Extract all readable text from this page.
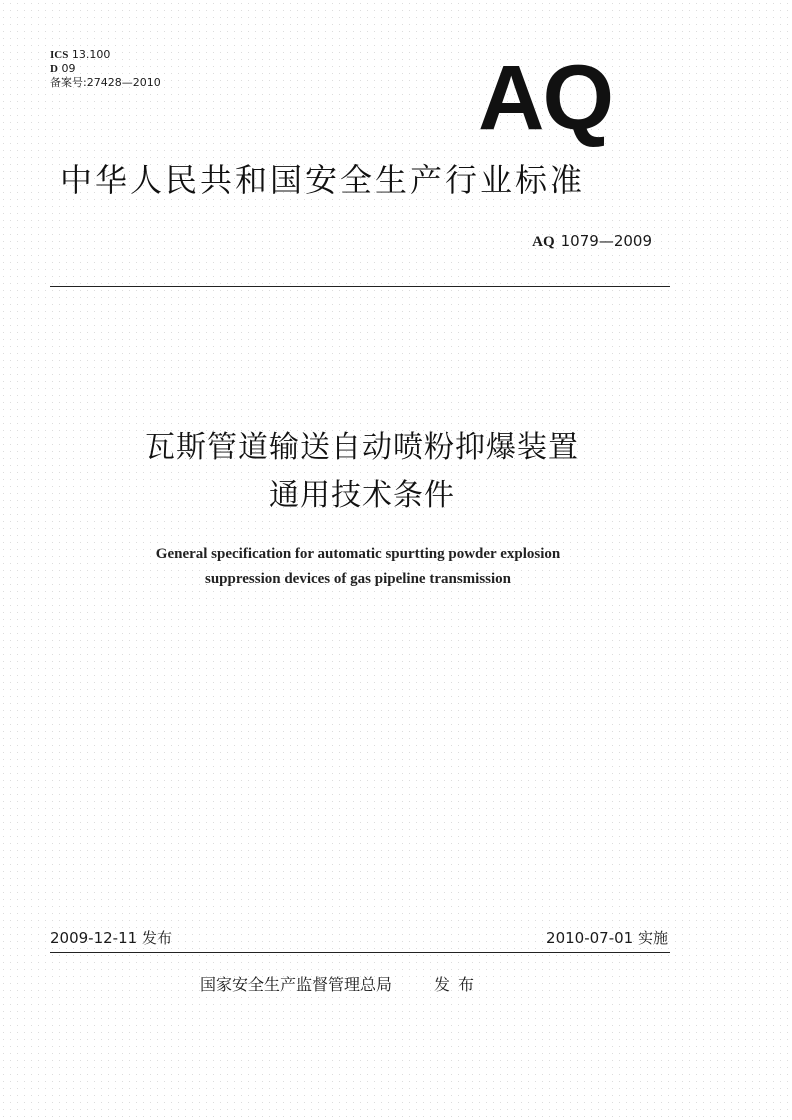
ICS 13.100
D 09
备案号:27428—2010	AQ
中华人民共和国安全生产行业标准
AQ 1079—2009
瓦斯管道输送自动喷粉抑爆装置
通用技术条件
General specification for automatic spurtting powder explosion
suppression devices of gas pipeline transmission
2009-12-11 发布	2010-07-01 实施
国家安全生产监督管理总局	发布
